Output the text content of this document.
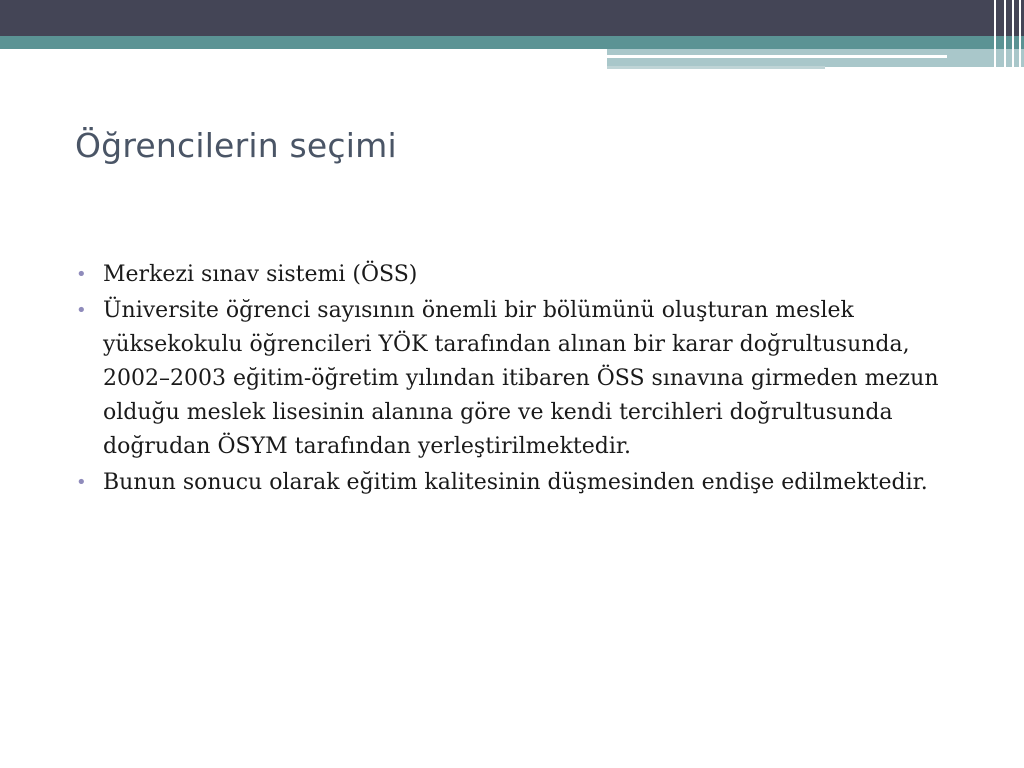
Öğrencilerin seçimi
• Merkezi sınav sistemi (ÖSS)
• Üniversite öğrenci sayısının önemli bir bölümünü oluşturan meslek yüksekokulu öğrencileri YÖK tarafından alınan bir karar doğrultusunda, 2002–2003 eğitim-öğretim yılından itibaren ÖSS sınavına girmeden mezun olduğu meslek lisesinin alanına göre ve kendi tercihleri doğrultusunda doğrudan ÖSYM tarafından yerleştirilmektedir.
• Bunun sonucu olarak eğitim kalitesinin düşmesinden endişe edilmektedir.
